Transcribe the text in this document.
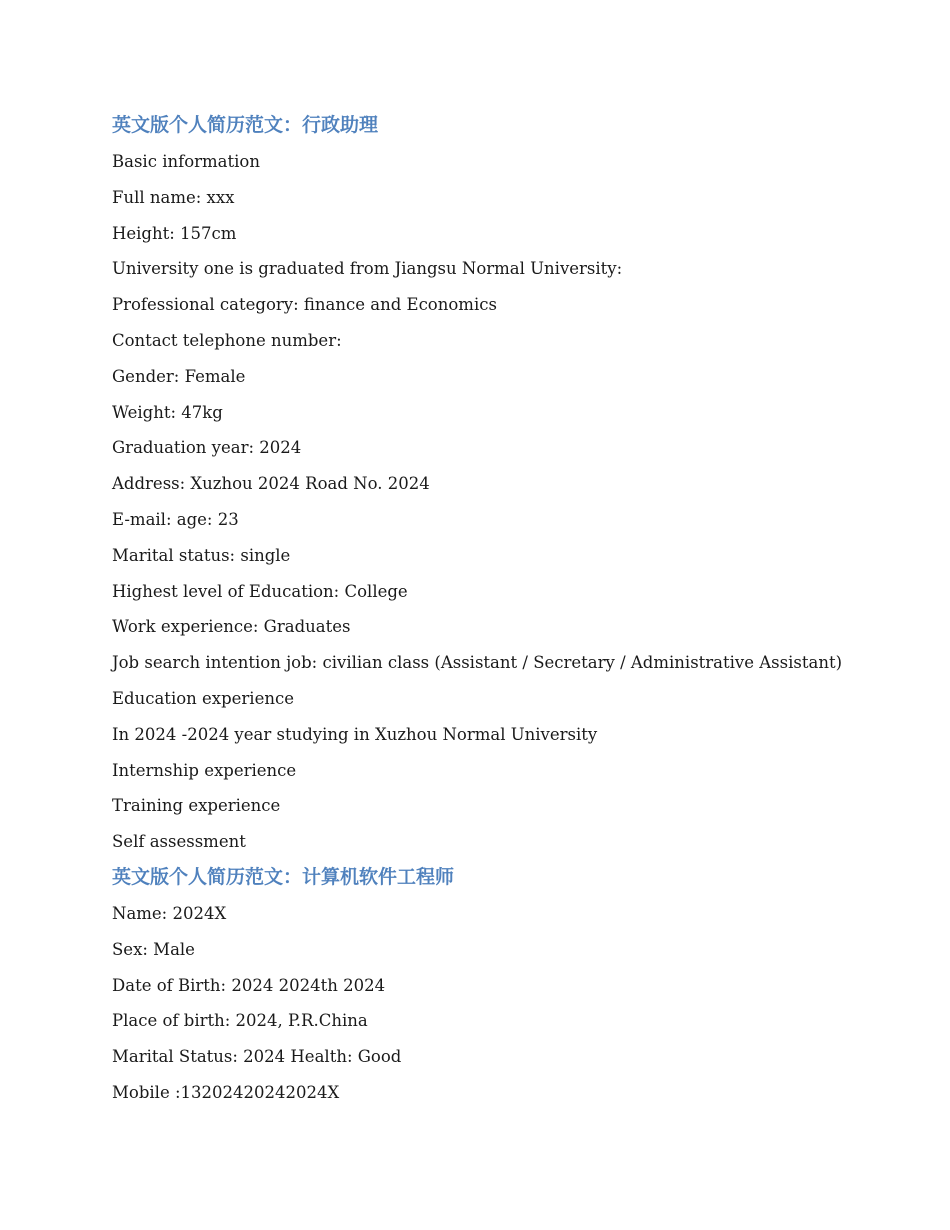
英文版个人简历范文：行政助理

Basic information

Full name: xxx

Height: 157cm

University one is graduated from Jiangsu Normal University:

Professional category: finance and Economics

Contact telephone number:

Gender: Female

Weight: 47kg

Graduation year: 2024

Address: Xuzhou 2024 Road No. 2024

E-mail: age: 23

Marital status: single

Highest level of Education: College

Work experience: Graduates

Job search intention job: civilian class (Assistant / Secretary / Administrative Assistant)

Education experience

In 2024 -2024 year studying in Xuzhou Normal University

Internship experience

Training experience

Self assessment

英文版个人简历范文：计算机软件工程师

Name: 2024X

Sex: Male

Date of Birth: 2024 2024th 2024

Place of birth: 2024, P.R.China

Marital Status: 2024 Health: Good

Mobile :13202420242024X
